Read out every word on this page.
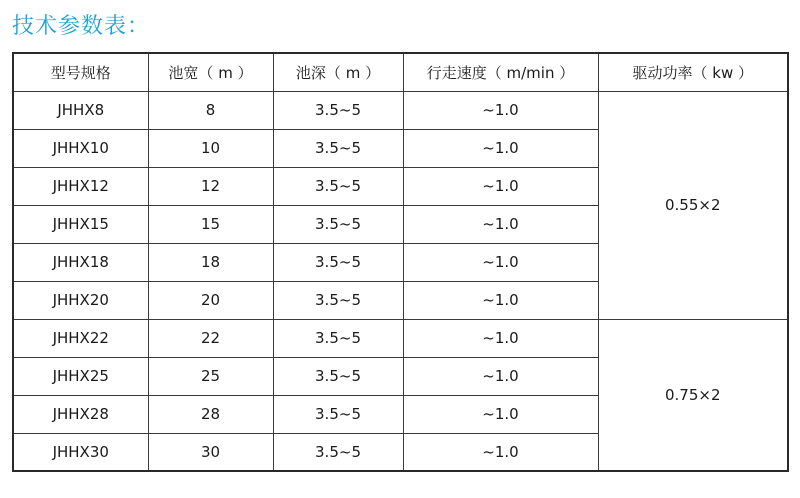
技术参数表：
型号规格	池宽（ m ）	池深（ m ）	行走速度（ m/min ）	驱动功率（ kw ）
JHHX8	8	3.5~5	~1.0	0.55×2
JHHX10	10	3.5~5	~1.0	
JHHX12	12	3.5~5	~1.0	
JHHX15	15	3.5~5	~1.0	
JHHX18	18	3.5~5	~1.0	
JHHX20	20	3.5~5	~1.0	
JHHX22	22	3.5~5	~1.0	0.75×2
JHHX25	25	3.5~5	~1.0	
JHHX28	28	3.5~5	~1.0	
JHHX30	30	3.5~5	~1.0	
